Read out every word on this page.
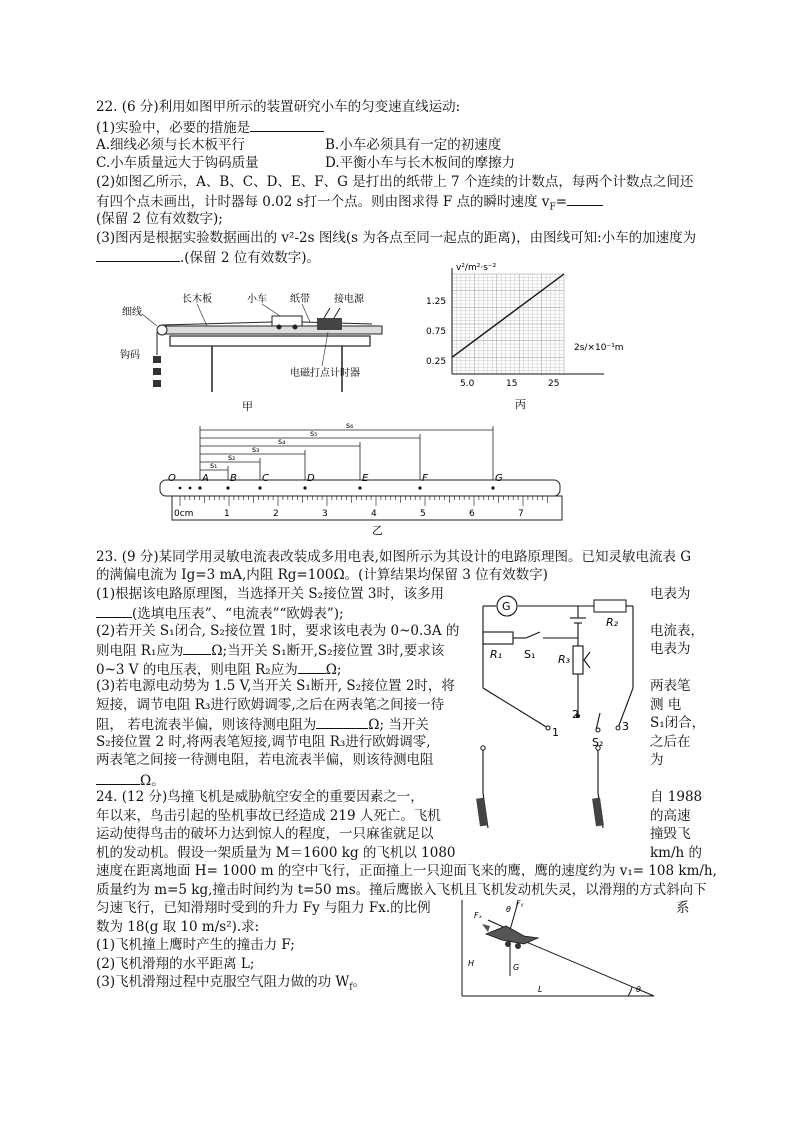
22. (6 分)利用如图甲所示的装置研究小车的匀变速直线运动:
(1)实验中，必要的措施是
A.细线必须与长木板平行	B.小车必须具有一定的初速度
C.小车质量远大于钩码质量	D.平衡小车与长木板间的摩擦力
(2)如图乙所示，A、B、C、D、E、F、G 是打出的纸带上 7 个连续的计数点，每两个计数点之间还
有四个点未画出，计时器每 0.02 s打一个点。则由图求得 F 点的瞬时速度 $v_F=$
(保留 2 位有效数字);
(3)图丙是根据实验数据画出的 v²-2s 图线(s 为各点至同一起点的距离)，由图线可知:小车的加速度为
.(保留 2 位有效数字)。
细线
长木板	小车 纸带 接电源
钩码
电磁打点计时器
甲
v²/m²·s⁻²
2s/×10⁻¹m
1.25
0.75
0.25
5.0	15	25
丙
s₁
s₂
s₃
s₄
s₅
s₆
O	A B	C	D	E	F	G
0cm	1	2	3	4	5	6	7
乙
23. (9 分)某同学用灵敏电流表改装成多用电表,如图所示为其设计的电路原理图。已知灵敏电流表 G
的满偏电流为 Ig=3 mA,内阻 Rg=100Ω。(计算结果均保留 3 位有效数字)
(1)根据该电路原理图，当选择开关 S₂接位置 3时，该多用	电表为
(选填电压表”、“电流表”“欧姆表”);
(2)若开关 S₁闭合, S₂接位置 1时，要求该电表为 0~0.3A 的	电流表，
则电阻 R₁应为 Ω;当开关 S₁断开,S₂接位置 3时,要求该	电表为
0~3 V 的电压表，则电阻 R₂应为 Ω;
(3)若电源电动势为 1.5 V,当开关 S₁断开, S₂接位置 2时，将	两表笔
短接，调节电阻 R₃进行欧姆调零,之后在两表笔之间接一待	测 电
阻， 若电流表半偏，则该待测电阻为	Ω; 当开关	S₁闭合，
S₂接位置 2 时,将两表笔短接,调节电阻 R₃进行欧姆调零,	之后在
两表笔之间接一待测电阻，若电流表半偏，则该待测电阻	为
Ω。
G
R₁
R₂
R₃
S₁
S₂
1
2
3
24. (12 分)鸟撞飞机是威胁航空安全的重要因素之一，	自 1988
年以来，鸟击引起的坠机事故已经造成 219 人死亡。飞机	的高速
运动使得鸟击的破坏力达到惊人的程度，一只麻雀就足以	撞毁飞
机的发动机。假设一架质量为 M＝1600 kg 的飞机以 1080	km/h 的
速度在距离地面 H= 1000 m 的空中飞行，正面撞上一只迎面飞来的鹰，鹰的速度约为 v₁= 108 km/h,
质量约为 m=5 kg,撞击时间约为 t=50 ms。撞后鹰嵌入飞机且飞机发动机失灵，以滑翔的方式斜向下
匀速飞行，已知滑翔时受到的升力 Fy 与阻力 Fx.的比例	系
数为 18(g 取 10 m/s²).求:
(1)飞机撞上鹰时产生的撞击力 F;
(2)飞机滑翔的水平距离 L;
(3)飞机滑翔过程中克服空气阻力做的功 $W_f$。
Fₓ
Fᵧ
θ
G
H
L	θ
